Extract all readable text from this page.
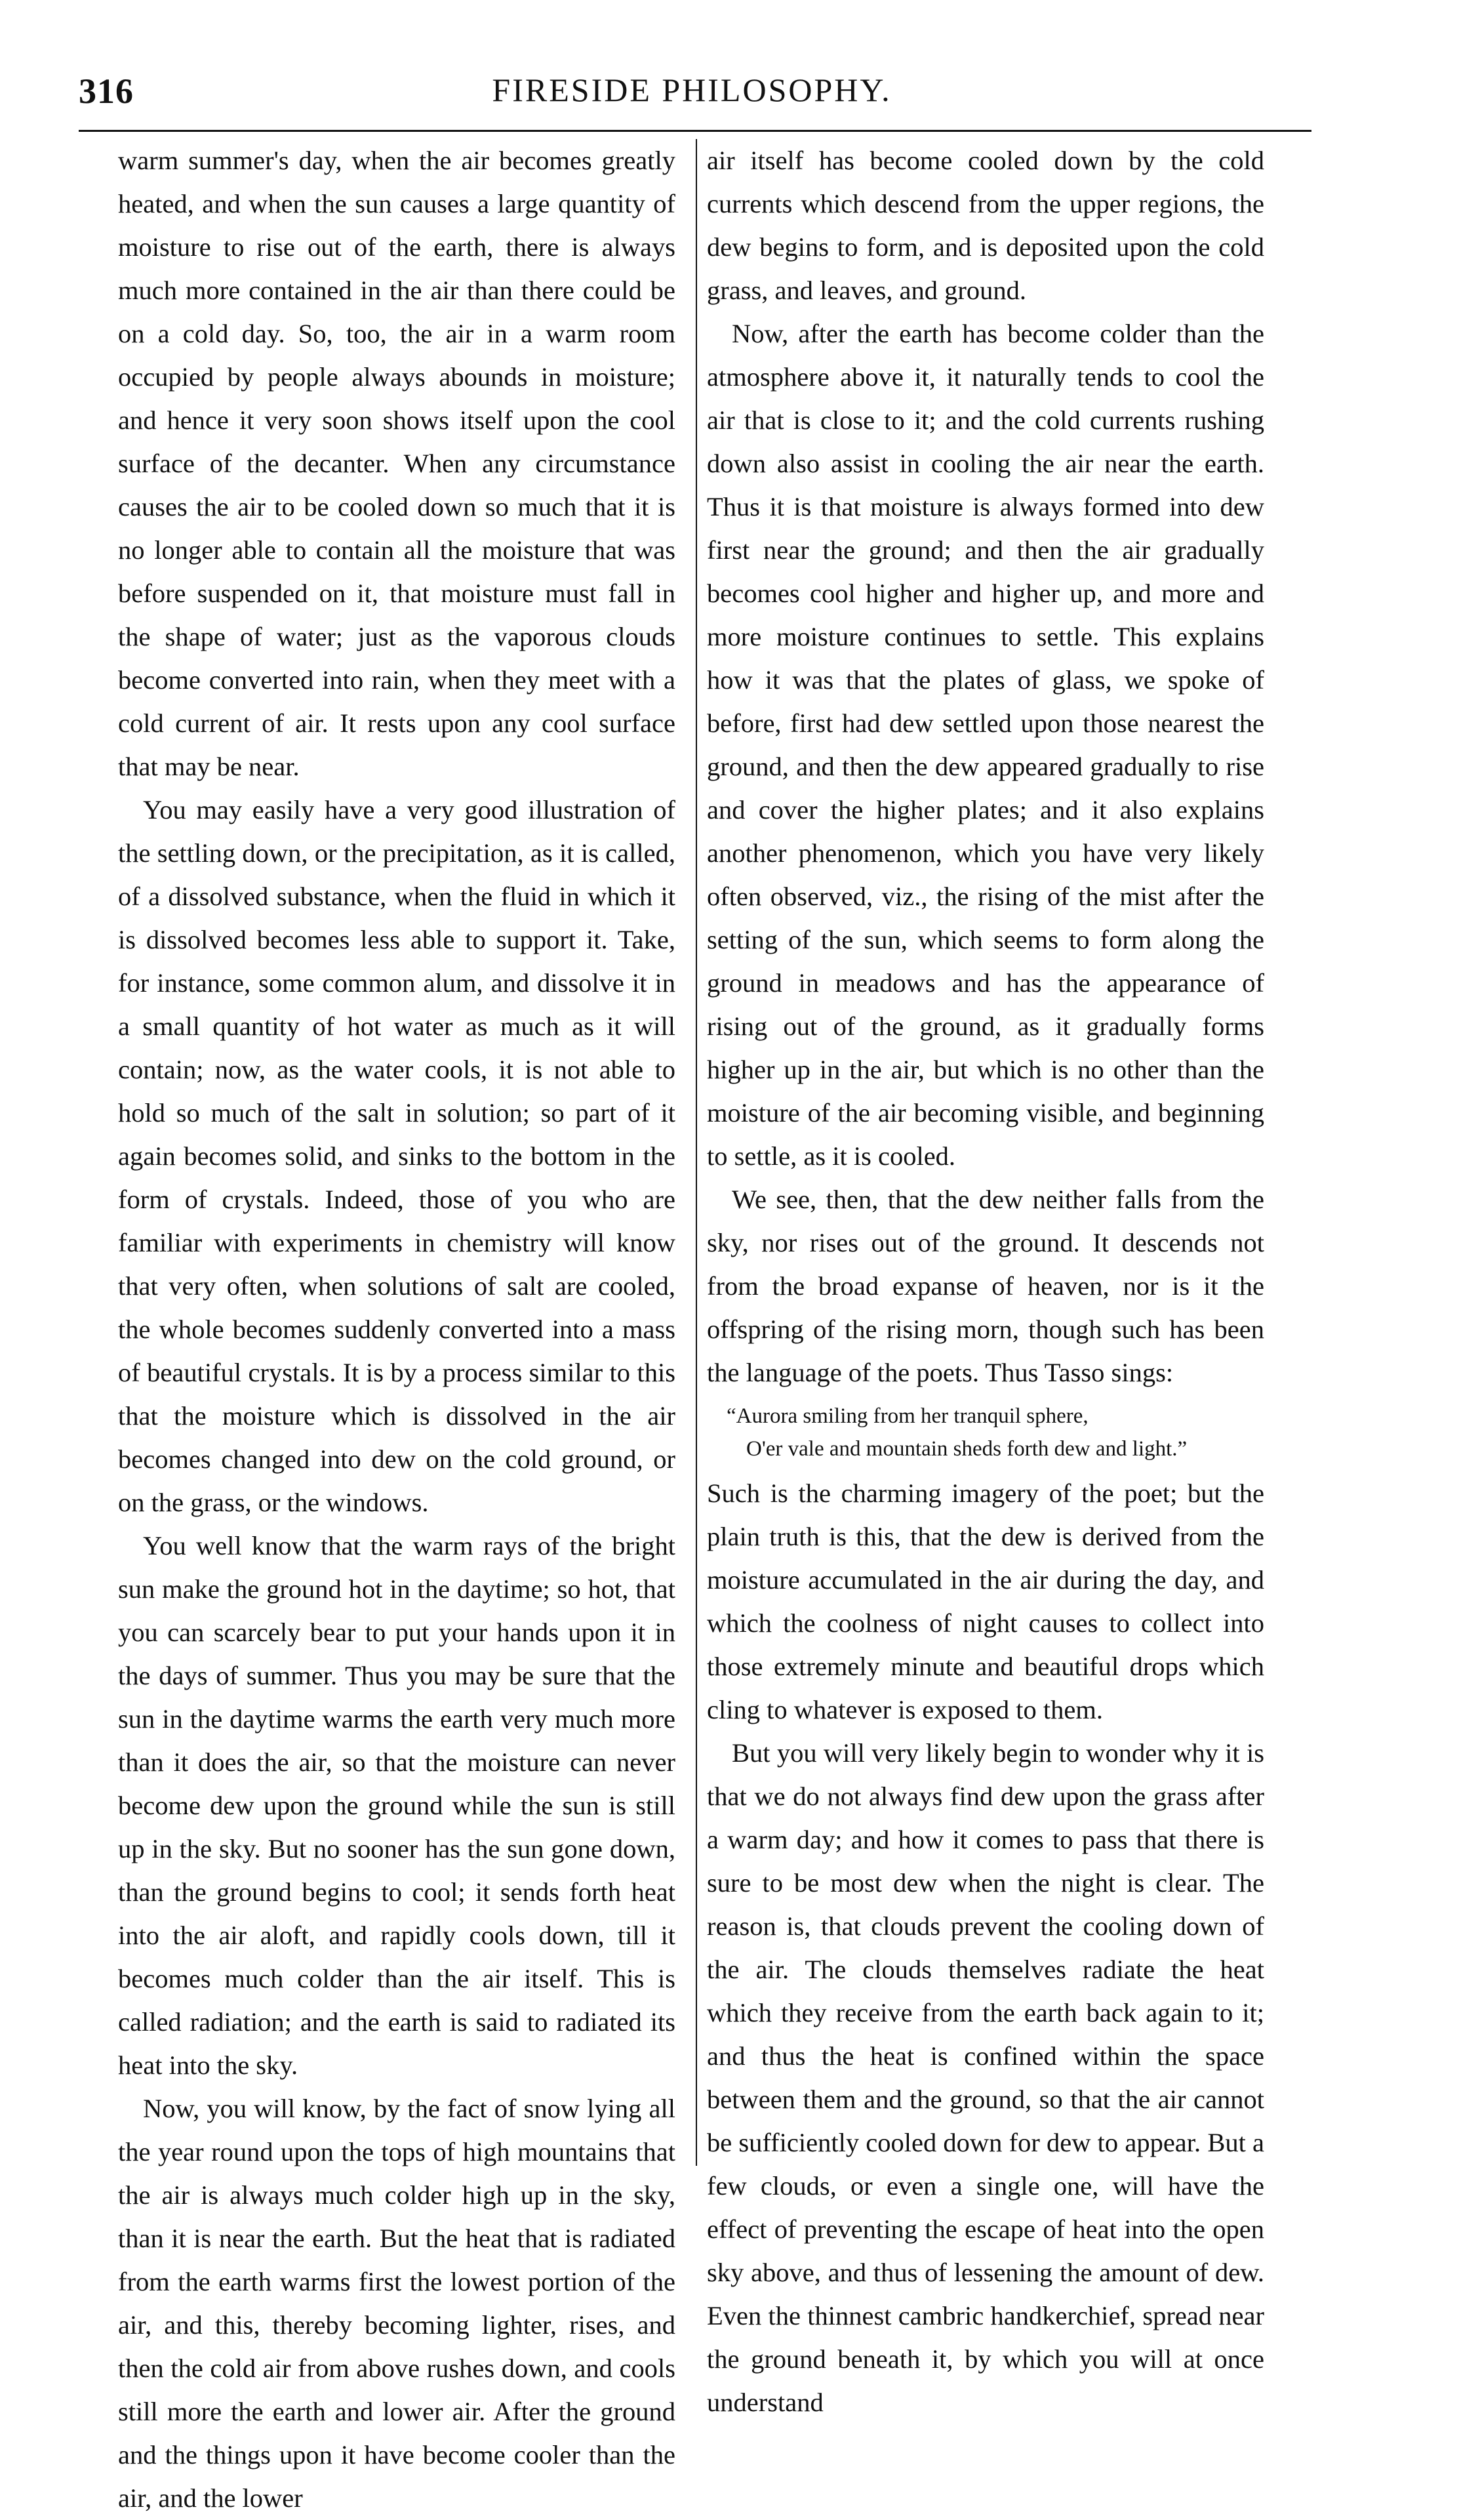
316	FIRESIDE PHILOSOPHY.

warm summer's day, when the air becomes greatly heated, and when the sun causes a large quantity of moisture to rise out of the earth, there is always much more contained in the air than there could be on a cold day. So, too, the air in a warm room occupied by people always abounds in moisture; and hence it very soon shows itself upon the cool surface of the decanter. When any circumstance causes the air to be cooled down so much that it is no longer able to contain all the moisture that was before suspended on it, that moisture must fall in the shape of water; just as the vaporous clouds become converted into rain, when they meet with a cold current of air. It rests upon any cool surface that may be near.

You may easily have a very good illustration of the settling down, or the precipitation, as it is called, of a dissolved substance, when the fluid in which it is dissolved becomes less able to support it. Take, for instance, some common alum, and dissolve it in a small quantity of hot water as much as it will contain; now, as the water cools, it is not able to hold so much of the salt in solution; so part of it again becomes solid, and sinks to the bottom in the form of crystals. Indeed, those of you who are familiar with experiments in chemistry will know that very often, when solutions of salt are cooled, the whole becomes suddenly converted into a mass of beautiful crystals. It is by a process similar to this that the moisture which is dissolved in the air becomes changed into dew on the cold ground, or on the grass, or the windows.

You well know that the warm rays of the bright sun make the ground hot in the daytime; so hot, that you can scarcely bear to put your hands upon it in the days of summer. Thus you may be sure that the sun in the daytime warms the earth very much more than it does the air, so that the moisture can never become dew upon the ground while the sun is still up in the sky. But no sooner has the sun gone down, than the ground begins to cool; it sends forth heat into the air aloft, and rapidly cools down, till it becomes much colder than the air itself. This is called radiation; and the earth is said to radiated its heat into the sky.

Now, you will know, by the fact of snow lying all the year round upon the tops of high mountains that the air is always much colder high up in the sky, than it is near the earth. But the heat that is radiated from the earth warms first the lowest portion of the air, and this, thereby becoming lighter, rises, and then the cold air from above rushes down, and cools still more the earth and lower air. After the ground and the things upon it have become cooler than the air, and the lower

air itself has become cooled down by the cold currents which descend from the upper regions, the dew begins to form, and is deposited upon the cold grass, and leaves, and ground.

Now, after the earth has become colder than the atmosphere above it, it naturally tends to cool the air that is close to it; and the cold currents rushing down also assist in cooling the air near the earth. Thus it is that moisture is always formed into dew first near the ground; and then the air gradually becomes cool higher and higher up, and more and more moisture continues to settle. This explains how it was that the plates of glass, we spoke of before, first had dew settled upon those nearest the ground, and then the dew appeared gradually to rise and cover the higher plates; and it also explains another phenomenon, which you have very likely often observed, viz., the rising of the mist after the setting of the sun, which seems to form along the ground in meadows and has the appearance of rising out of the ground, as it gradually forms higher up in the air, but which is no other than the moisture of the air becoming visible, and beginning to settle, as it is cooled.

We see, then, that the dew neither falls from the sky, nor rises out of the ground. It descends not from the broad expanse of heaven, nor is it the offspring of the rising morn, though such has been the language of the poets. Thus Tasso sings:

“Aurora smiling from her tranquil sphere,
O'er vale and mountain sheds forth dew and light.”

Such is the charming imagery of the poet; but the plain truth is this, that the dew is derived from the moisture accumulated in the air during the day, and which the coolness of night causes to collect into those extremely minute and beautiful drops which cling to whatever is exposed to them.

But you will very likely begin to wonder why it is that we do not always find dew upon the grass after a warm day; and how it comes to pass that there is sure to be most dew when the night is clear. The reason is, that clouds prevent the cooling down of the air. The clouds themselves radiate the heat which they receive from the earth back again to it; and thus the heat is confined within the space between them and the ground, so that the air cannot be sufficiently cooled down for dew to appear. But a few clouds, or even a single one, will have the effect of preventing the escape of heat into the open sky above, and thus of lessening the amount of dew. Even the thinnest cambric handkerchief, spread near the ground beneath it, by which you will at once understand
